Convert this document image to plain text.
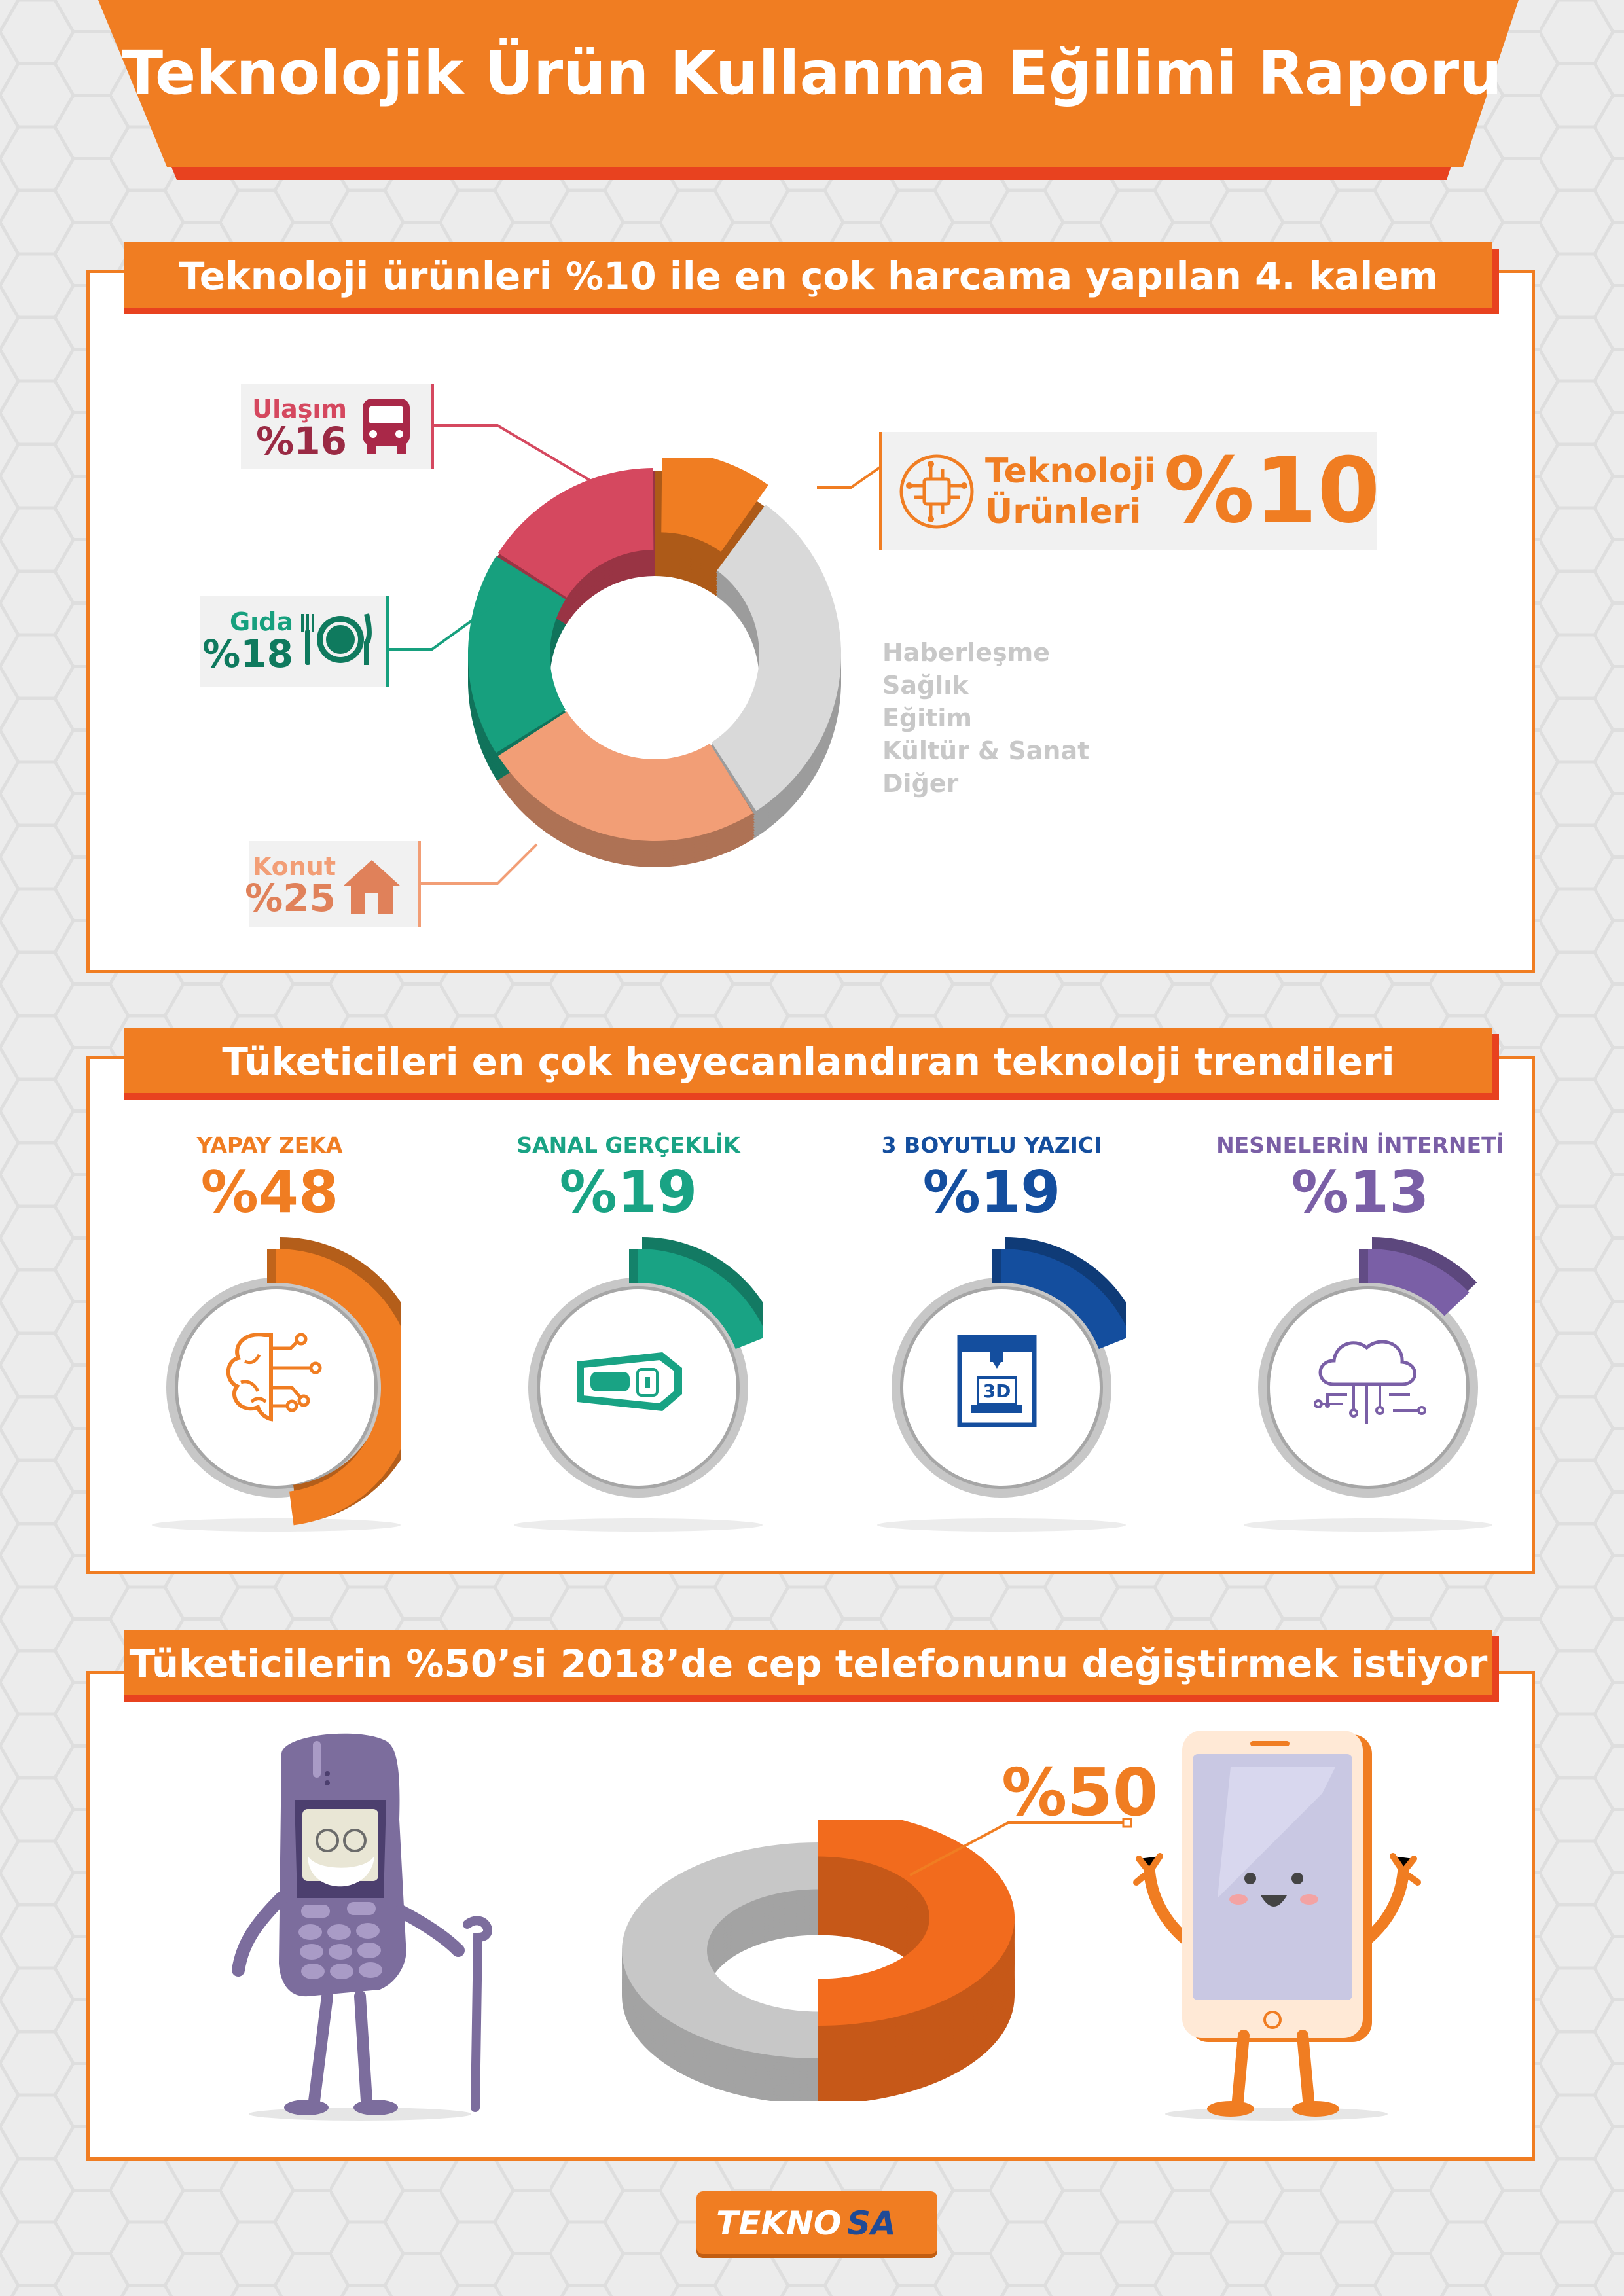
Teknolojik Ürün Kullanma Eğilimi Raporu
Teknoloji ürünleri %10 ile en çok harcama yapılan 4. kalem
Ulaşım
%16
Gıda
%18
Konut
%25
Teknoloji
Ürünleri %10
Haberleşme
Sağlık
Eğitim
Kültür & Sanat
Diğer
Tüketicileri en çok heyecanlandıran teknoloji trendileri
YAPAY ZEKA
%48
SANAL GERÇEKLİK
%19
3 BOYUTLU YAZICI
%19
NESNELERİN İNTERNETİ
%13
3D
Tüketicilerin %50’si 2018’de cep telefonunu değiştirmek istiyor
%50
TEKNO SA
